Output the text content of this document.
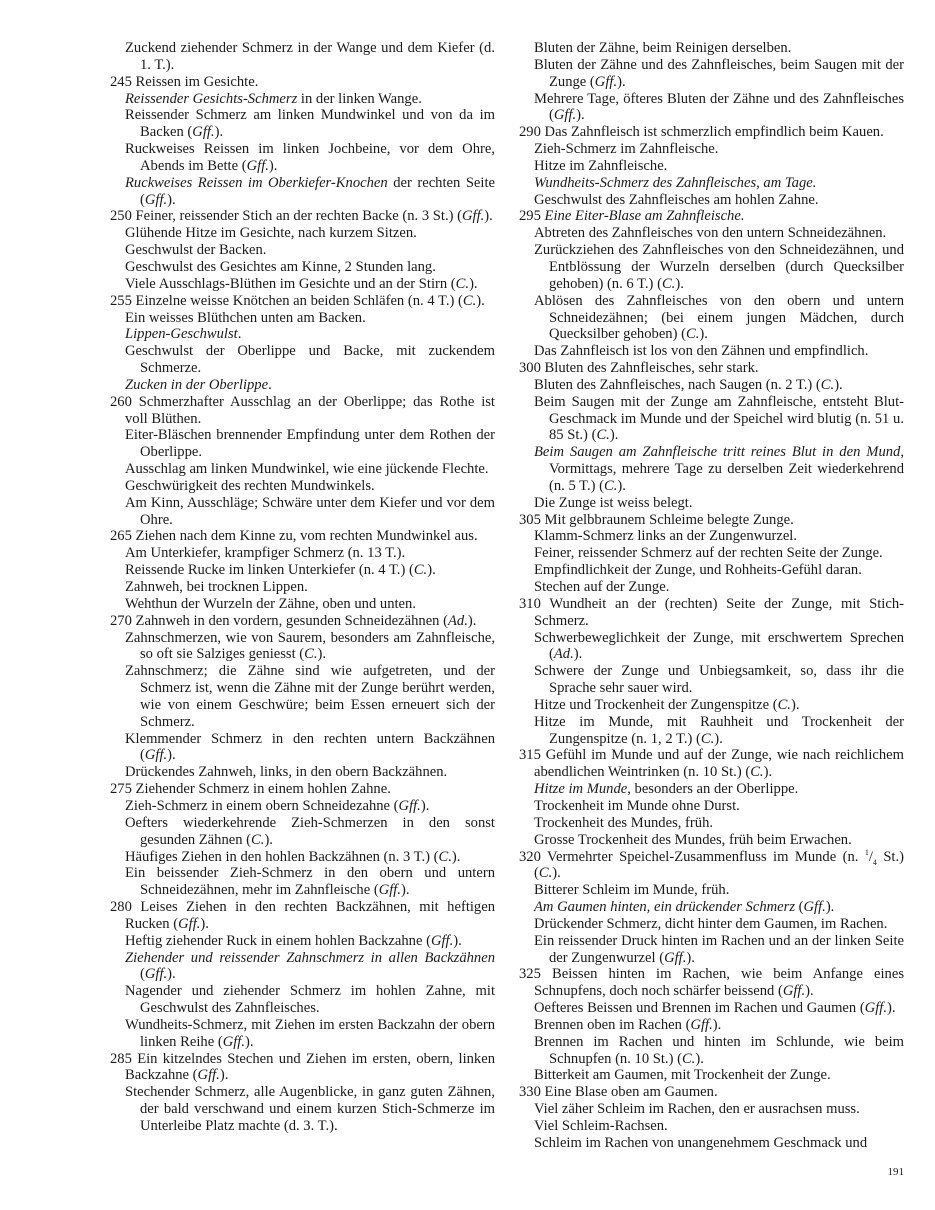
Zuckend ziehender Schmerz in der Wange und dem Kiefer (d. 1. T.).
245 Reissen im Gesichte.
Reissender Gesichts-Schmerz in der linken Wange.
Reissender Schmerz am linken Mundwinkel und von da im Backen (Gff.).
Ruckweises Reissen im linken Jochbeine, vor dem Ohre, Abends im Bette (Gff.).
Ruckweises Reissen im Oberkiefer-Knochen der rechten Seite (Gff.).
250 Feiner, reissender Stich an der rechten Backe (n. 3 St.) (Gff.).
Glühende Hitze im Gesichte, nach kurzem Sitzen.
Geschwulst der Backen.
Geschwulst des Gesichtes am Kinne, 2 Stunden lang.
Viele Ausschlags-Blüthen im Gesichte und an der Stirn (C.).
255 Einzelne weisse Knötchen an beiden Schläfen (n. 4 T.) (C.).
Ein weisses Blüthchen unten am Backen.
Lippen-Geschwulst.
Geschwulst der Oberlippe und Backe, mit zuckendem Schmerze.
Zucken in der Oberlippe.
260 Schmerzhafter Ausschlag an der Oberlippe; das Rothe ist voll Blüthen.
Eiter-Bläschen brennender Empfindung unter dem Rothen der Oberlippe.
Ausschlag am linken Mundwinkel, wie eine jückende Flechte.
Geschwürigkeit des rechten Mundwinkels.
Am Kinn, Ausschläge; Schwäre unter dem Kiefer und vor dem Ohre.
265 Ziehen nach dem Kinne zu, vom rechten Mundwinkel aus.
Am Unterkiefer, krampfiger Schmerz (n. 13 T.).
Reissende Rucke im linken Unterkiefer (n. 4 T.) (C.).
Zahnweh, bei trocknen Lippen.
Wehthun der Wurzeln der Zähne, oben und unten.
270 Zahnweh in den vordern, gesunden Schneidezähnen (Ad.).
Zahnschmerzen, wie von Saurem, besonders am Zahnfleische, so oft sie Salziges geniesst (C.).
Zahnschmerz; die Zähne sind wie aufgetreten, und der Schmerz ist, wenn die Zähne mit der Zunge berührt werden, wie von einem Geschwüre; beim Essen erneuert sich der Schmerz.
Klemmender Schmerz in den rechten untern Backzähnen (Gff.).
Drückendes Zahnweh, links, in den obern Backzähnen.
275 Ziehender Schmerz in einem hohlen Zahne.
Zieh-Schmerz in einem obern Schneidezahne (Gff.).
Oefters wiederkehrende Zieh-Schmerzen in den sonst gesunden Zähnen (C.).
Häufiges Ziehen in den hohlen Backzähnen (n. 3 T.) (C.).
Ein beissender Zieh-Schmerz in den obern und untern Schneidezähnen, mehr im Zahnfleische (Gff.).
280 Leises Ziehen in den rechten Backzähnen, mit heftigen Rucken (Gff.).
Heftig ziehender Ruck in einem hohlen Backzahne (Gff.).
Ziehender und reissender Zahnschmerz in allen Backzähnen (Gff.).
Nagender und ziehender Schmerz im hohlen Zahne, mit Geschwulst des Zahnfleisches.
Wundheits-Schmerz, mit Ziehen im ersten Backzahn der obern linken Reihe (Gff.).
285 Ein kitzelndes Stechen und Ziehen im ersten, obern, linken Backzahne (Gff.).
Stechender Schmerz, alle Augenblicke, in ganz guten Zähnen, der bald verschwand und einem kurzen Stich-Schmerze im Unterleibe Platz machte (d. 3. T.).
Bluten der Zähne, beim Reinigen derselben.
Bluten der Zähne und des Zahnfleisches, beim Saugen mit der Zunge (Gff.).
Mehrere Tage, öfteres Bluten der Zähne und des Zahnfleisches (Gff.).
290 Das Zahnfleisch ist schmerzlich empfindlich beim Kauen.
Zieh-Schmerz im Zahnfleische.
Hitze im Zahnfleische.
Wundheits-Schmerz des Zahnfleisches, am Tage.
Geschwulst des Zahnfleisches am hohlen Zahne.
295 Eine Eiter-Blase am Zahnfleische.
Abtreten des Zahnfleisches von den untern Schneidezähnen.
Zurückziehen des Zahnfleisches von den Schneidezähnen, und Entblössung der Wurzeln derselben (durch Quecksilber gehoben) (n. 6 T.) (C.).
Ablösen des Zahnfleisches von den obern und untern Schneidezähnen; (bei einem jungen Mädchen, durch Quecksilber gehoben) (C.).
Das Zahnfleisch ist los von den Zähnen und empfindlich.
300 Bluten des Zahnfleisches, sehr stark.
Bluten des Zahnfleisches, nach Saugen (n. 2 T.) (C.).
Beim Saugen mit der Zunge am Zahnfleische, entsteht Blut-Geschmack im Munde und der Speichel wird blutig (n. 51 u. 85 St.) (C.).
Beim Saugen am Zahnfleische tritt reines Blut in den Mund, Vormittags, mehrere Tage zu derselben Zeit wiederkehrend (n. 5 T.) (C.).
Die Zunge ist weiss belegt.
305 Mit gelbbraunem Schleime belegte Zunge.
Klamm-Schmerz links an der Zungenwurzel.
Feiner, reissender Schmerz auf der rechten Seite der Zunge.
Empfindlichkeit der Zunge, und Rohheits-Gefühl daran.
Stechen auf der Zunge.
310 Wundheit an der (rechten) Seite der Zunge, mit Stich-Schmerz.
Schwerbeweglichkeit der Zunge, mit erschwertem Sprechen (Ad.).
Schwere der Zunge und Unbiegsamkeit, so, dass ihr die Sprache sehr sauer wird.
Hitze und Trockenheit der Zungenspitze (C.).
Hitze im Munde, mit Rauhheit und Trockenheit der Zungenspitze (n. 1, 2 T.) (C.).
315 Gefühl im Munde und auf der Zunge, wie nach reichlichem abendlichen Weintrinken (n. 10 St.) (C.).
Hitze im Munde, besonders an der Oberlippe.
Trockenheit im Munde ohne Durst.
Trockenheit des Mundes, früh.
Grosse Trockenheit des Mundes, früh beim Erwachen.
320 Vermehrter Speichel-Zusammenfluss im Munde (n. $^1/_4$ St.) (C.).
Bitterer Schleim im Munde, früh.
Am Gaumen hinten, ein drückender Schmerz (Gff.).
Drückender Schmerz, dicht hinter dem Gaumen, im Rachen.
Ein reissender Druck hinten im Rachen und an der linken Seite der Zungenwurzel (Gff.).
325 Beissen hinten im Rachen, wie beim Anfange eines Schnupfens, doch noch schärfer beissend (Gff.).
Oefteres Beissen und Brennen im Rachen und Gaumen (Gff.).
Brennen oben im Rachen (Gff.).
Brennen im Rachen und hinten im Schlunde, wie beim Schnupfen (n. 10 St.) (C.).
Bitterkeit am Gaumen, mit Trockenheit der Zunge.
330 Eine Blase oben am Gaumen.
Viel zäher Schleim im Rachen, den er ausrachsen muss.
Viel Schleim-Rachsen.
Schleim im Rachen von unangenehmem Geschmack und
191
